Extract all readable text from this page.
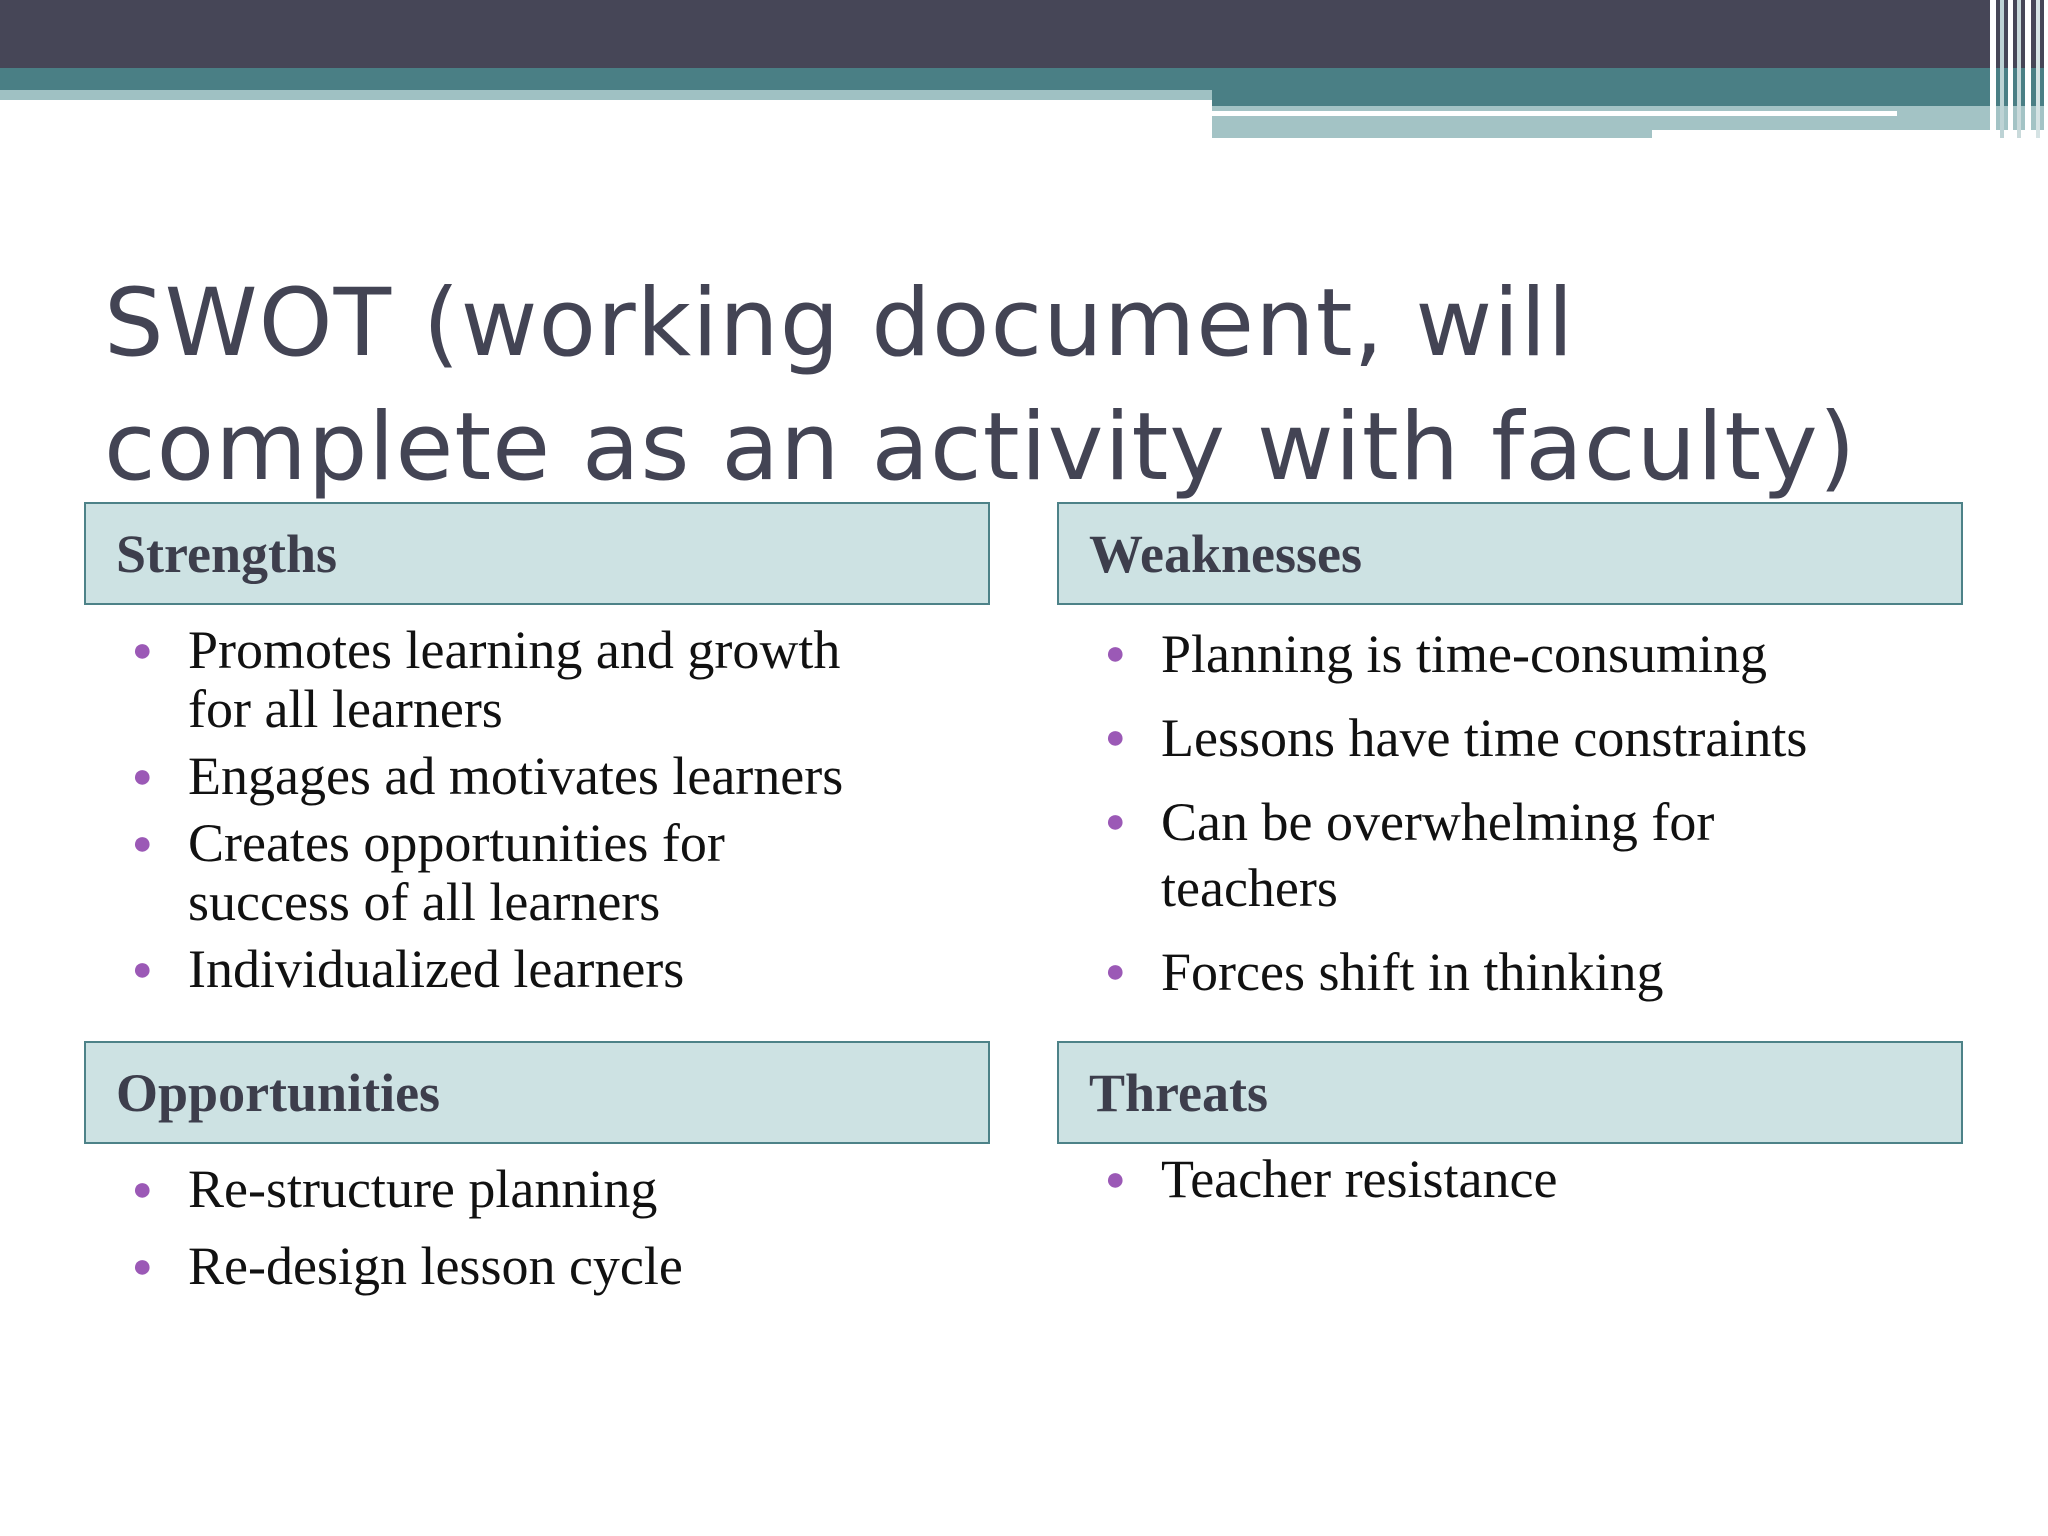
SWOT (working document, will
complete as an activity with faculty)
Strengths
● Promotes learning and growth
for all learners
● Engages ad motivates learners
● Creates opportunities for
success of all learners
● Individualized learners
Weaknesses
● Planning is time-consuming
● Lessons have time constraints
● Can be overwhelming for
teachers
● Forces shift in thinking
Opportunities
● Re-structure planning
● Re-design lesson cycle
Threats
● Teacher resistance
